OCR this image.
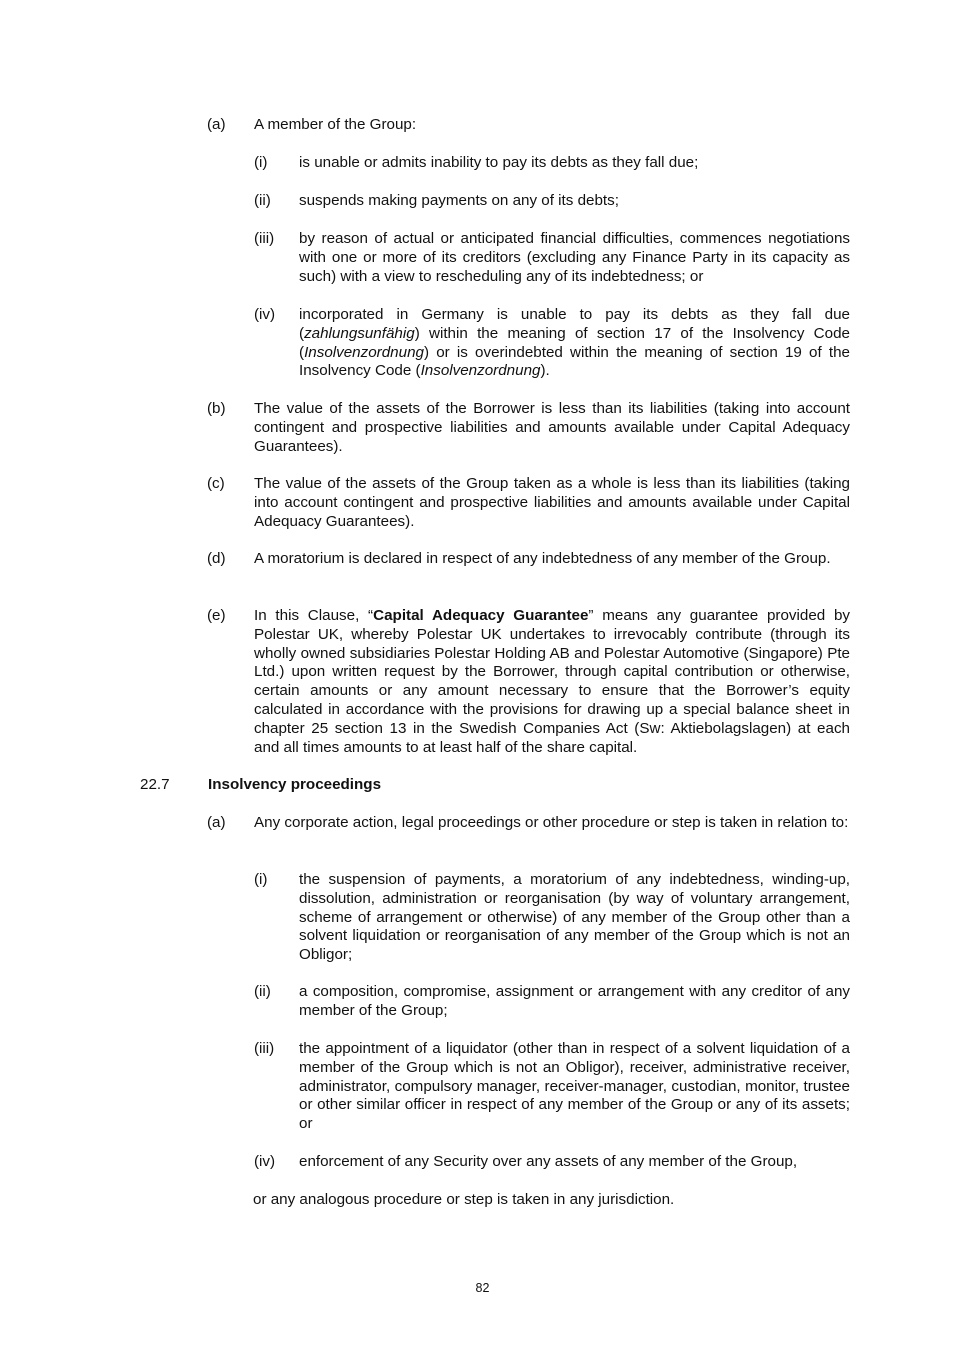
(a) A member of the Group:
(i) is unable or admits inability to pay its debts as they fall due;
(ii) suspends making payments on any of its debts;
(iii) by reason of actual or anticipated financial difficulties, commences negotiations with one or more of its creditors (excluding any Finance Party in its capacity as such) with a view to rescheduling any of its indebtedness; or
(iv) incorporated in Germany is unable to pay its debts as they fall due (zahlungsunfähig) within the meaning of section 17 of the Insolvency Code (Insolvenzordnung) or is overindebted within the meaning of section 19 of the Insolvency Code (Insolvenzordnung).
(b) The value of the assets of the Borrower is less than its liabilities (taking into account contingent and prospective liabilities and amounts available under Capital Adequacy Guarantees).
(c) The value of the assets of the Group taken as a whole is less than its liabilities (taking into account contingent and prospective liabilities and amounts available under Capital Adequacy Guarantees).
(d) A moratorium is declared in respect of any indebtedness of any member of the Group.
(e) In this Clause, “Capital Adequacy Guarantee” means any guarantee provided by Polestar UK, whereby Polestar UK undertakes to irrevocably contribute (through its wholly owned subsidiaries Polestar Holding AB and Polestar Automotive (Singapore) Pte Ltd.) upon written request by the Borrower, through capital contribution or otherwise, certain amounts or any amount necessary to ensure that the Borrower’s equity calculated in accordance with the provisions for drawing up a special balance sheet in chapter 25 section 13 in the Swedish Companies Act (Sw: Aktiebolagslagen) at each and all times amounts to at least half of the share capital.
22.7	Insolvency proceedings
(a) Any corporate action, legal proceedings or other procedure or step is taken in relation to:
(i) the suspension of payments, a moratorium of any indebtedness, winding-up, dissolution, administration or reorganisation (by way of voluntary arrangement, scheme of arrangement or otherwise) of any member of the Group other than a solvent liquidation or reorganisation of any member of the Group which is not an Obligor;
(ii) a composition, compromise, assignment or arrangement with any creditor of any member of the Group;
(iii) the appointment of a liquidator (other than in respect of a solvent liquidation of a member of the Group which is not an Obligor), receiver, administrative receiver, administrator, compulsory manager, receiver-manager, custodian, monitor, trustee or other similar officer in respect of any member of the Group or any of its assets; or
(iv) enforcement of any Security over any assets of any member of the Group,
or any analogous procedure or step is taken in any jurisdiction.
82
